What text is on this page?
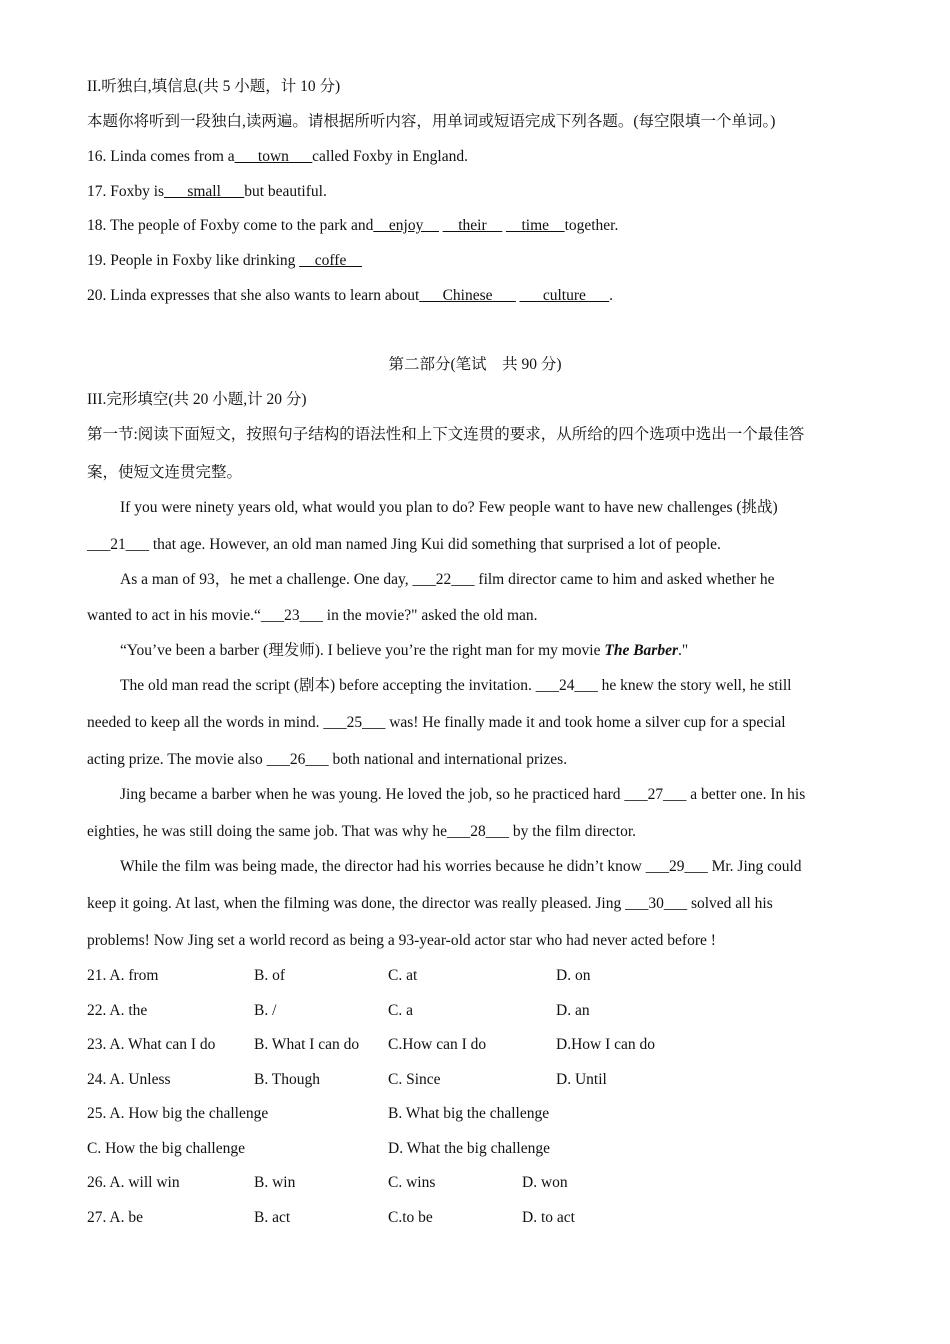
II.听独白,填信息(共 5 小题，计 10 分)
本题你将听到一段独白,读两遍。请根据所听内容，用单词或短语完成下列各题。(每空限填一个单词。)
16. Linda comes from a___town___called Foxby in England.
17. Foxby is___small___but beautiful.
18. The people of Foxby come to the park and__enjoy__ __their__ __time__together.
19. People in Foxby like drinking __coffe__
20. Linda expresses that she also wants to learn about___Chinese___ ___culture___.
第二部分(笔试　共 90 分)
III.完形填空(共 20 小题,计 20 分)
第一节:阅读下面短文，按照句子结构的语法性和上下文连贯的要求，从所给的四个选项中选出一个最佳答
案，使短文连贯完整。
If you were ninety years old, what would you plan to do? Few people want to have new challenges (挑战)
___21___ that age. However, an old man named Jing Kui did something that surprised a lot of people.
As a man of 93，he met a challenge. One day, ___22___ film director came to him and asked whether he
wanted to act in his movie.“___23___ in the movie?" asked the old man.
“You’ve been a barber (理发师). I believe you’re the right man for my movie The Barber."
The old man read the script (剧本) before accepting the invitation. ___24___ he knew the story well, he still
needed to keep all the words in mind. ___25___ was! He finally made it and took home a silver cup for a special
acting prize. The movie also ___26___ both national and international prizes.
Jing became a barber when he was young. He loved the job, so he practiced hard ___27___ a better one. In his
eighties, he was still doing the same job. That was why he___28___ by the film director.
While the film was being made, the director had his worries because he didn’t know ___29___ Mr. Jing could
keep it going. At last, when the filming was done, the director was really pleased. Jing ___30___ solved all his
problems! Now Jing set a world record as being a 93-year-old actor star who had never acted before !
21. A. from	B. of	C. at	D. on
22. A. the	B. /	C. a	D. an
23. A. What can I do B. What I can do C.How can I do	D.How I can do
24. A. Unless	B. Though	C. Since	D. Until
25. A. How big the challenge	B. What big the challenge
C. How the big challenge	D. What the big challenge
26. A. will win	B. win	C. wins	D. won
27. A. be	B. act	C.to be	D. to act
